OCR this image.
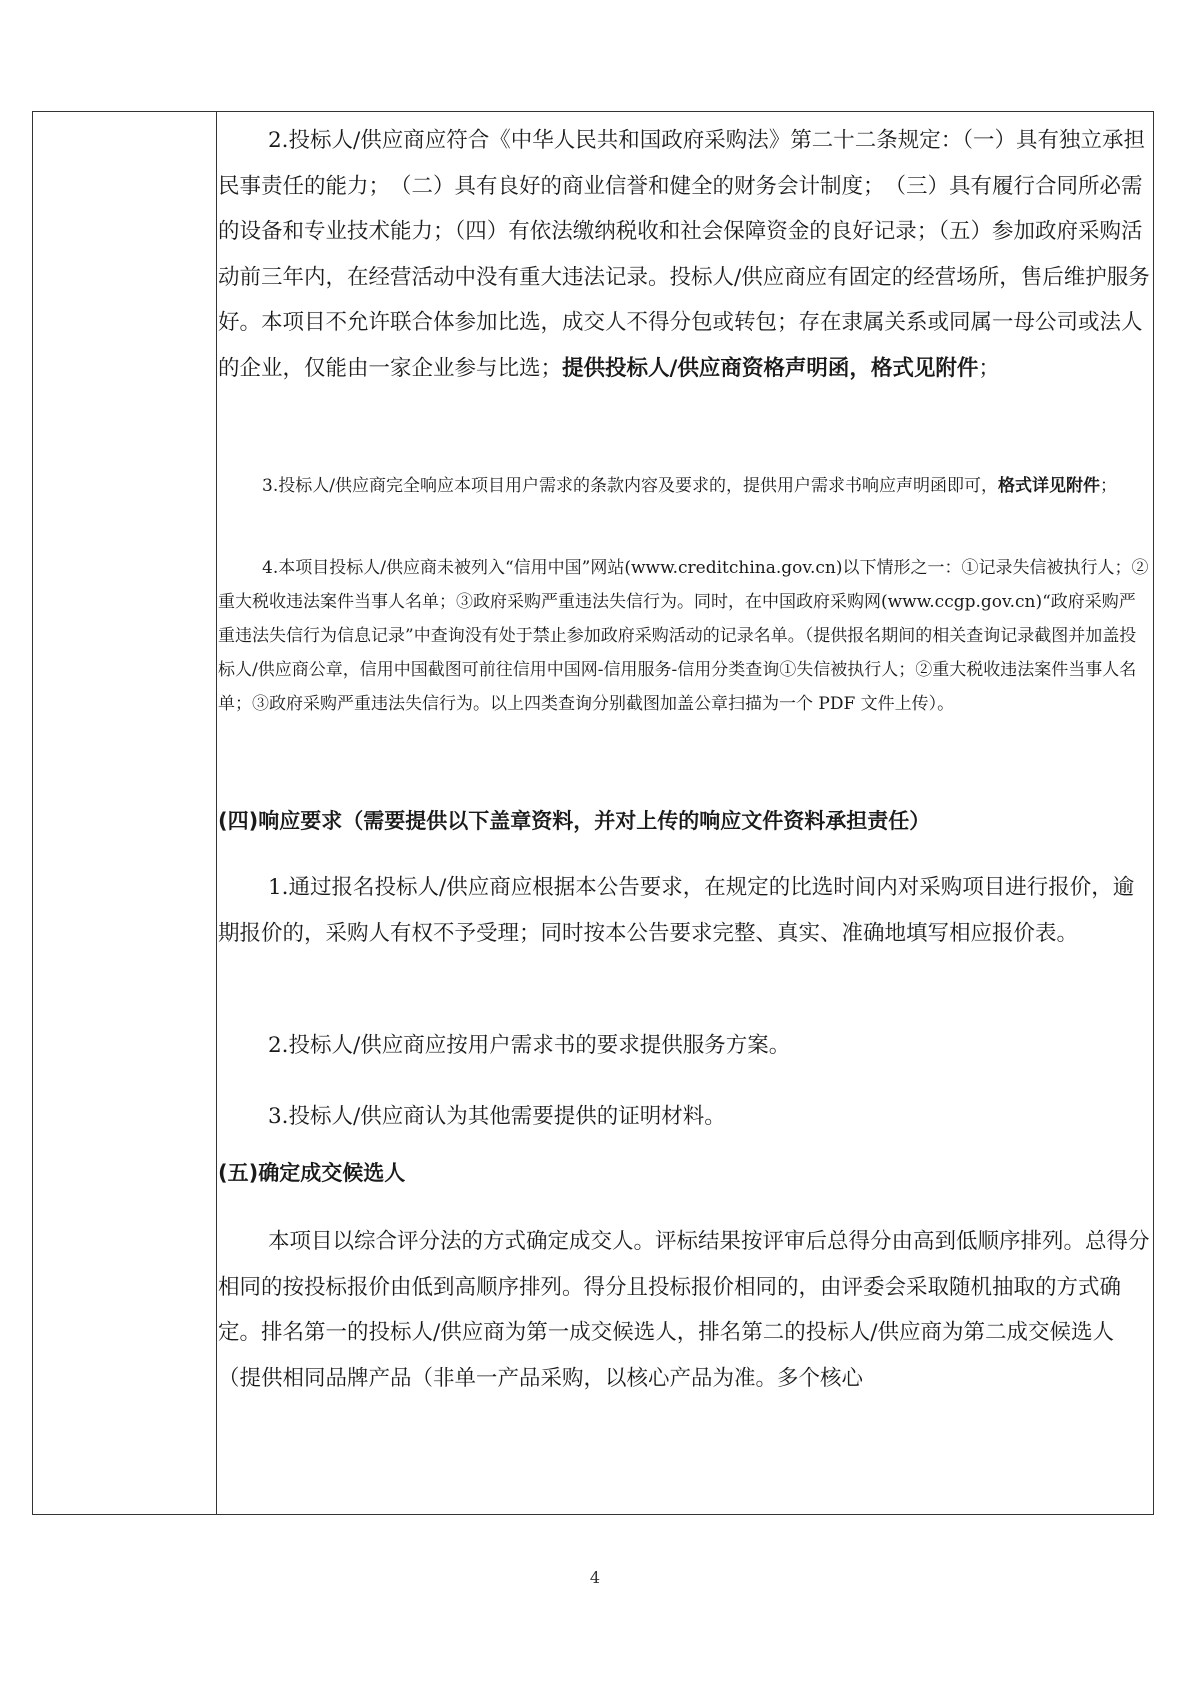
2.投标人/供应商应符合《中华人民共和国政府采购法》第二十二条规定：（一）具有独立承担民事责任的能力；　（二）具有良好的商业信誉和健全的财务会计制度；　（三）具有履行合同所必需的设备和专业技术能力；（四）有依法缴纳税收和社会保障资金的良好记录；（五）参加政府采购活动前三年内，在经营活动中没有重大违法记录。投标人/供应商应有固定的经营场所，售后维护服务好。本项目不允许联合体参加比选，成交人不得分包或转包；存在隶属关系或同属一母公司或法人的企业，仅能由一家企业参与比选；提供投标人/供应商资格声明函，格式见附件；

3.投标人/供应商完全响应本项目用户需求的条款内容及要求的，提供用户需求书响应声明函即可，格式详见附件；

4.本项目投标人/供应商未被列入“信用中国”网站(www.creditchina.gov.cn)以下情形之一：①记录失信被执行人；②重大税收违法案件当事人名单；③政府采购严重违法失信行为。同时，在中国政府采购网(www.ccgp.gov.cn)“政府采购严重违法失信行为信息记录”中查询没有处于禁止参加政府采购活动的记录名单。（提供报名期间的相关查询记录截图并加盖投标人/供应商公章，信用中国截图可前往信用中国网-信用服务-信用分类查询①失信被执行人；②重大税收违法案件当事人名单；③政府采购严重违法失信行为。以上四类查询分别截图加盖公章扫描为一个 PDF 文件上传）。

(四)响应要求（需要提供以下盖章资料，并对上传的响应文件资料承担责任）

1.通过报名投标人/供应商应根据本公告要求，在规定的比选时间内对采购项目进行报价，逾期报价的，采购人有权不予受理；同时按本公告要求完整、真实、准确地填写相应报价表。

2.投标人/供应商应按用户需求书的要求提供服务方案。

3.投标人/供应商认为其他需要提供的证明材料。

(五)确定成交候选人

本项目以综合评分法的方式确定成交人。评标结果按评审后总得分由高到低顺序排列。总得分相同的按投标报价由低到高顺序排列。得分且投标报价相同的，由评委会采取随机抽取的方式确定。排名第一的投标人/供应商为第一成交候选人，排名第二的投标人/供应商为第二成交候选人（提供相同品牌产品（非单一产品采购，以核心产品为准。多个核心

4
